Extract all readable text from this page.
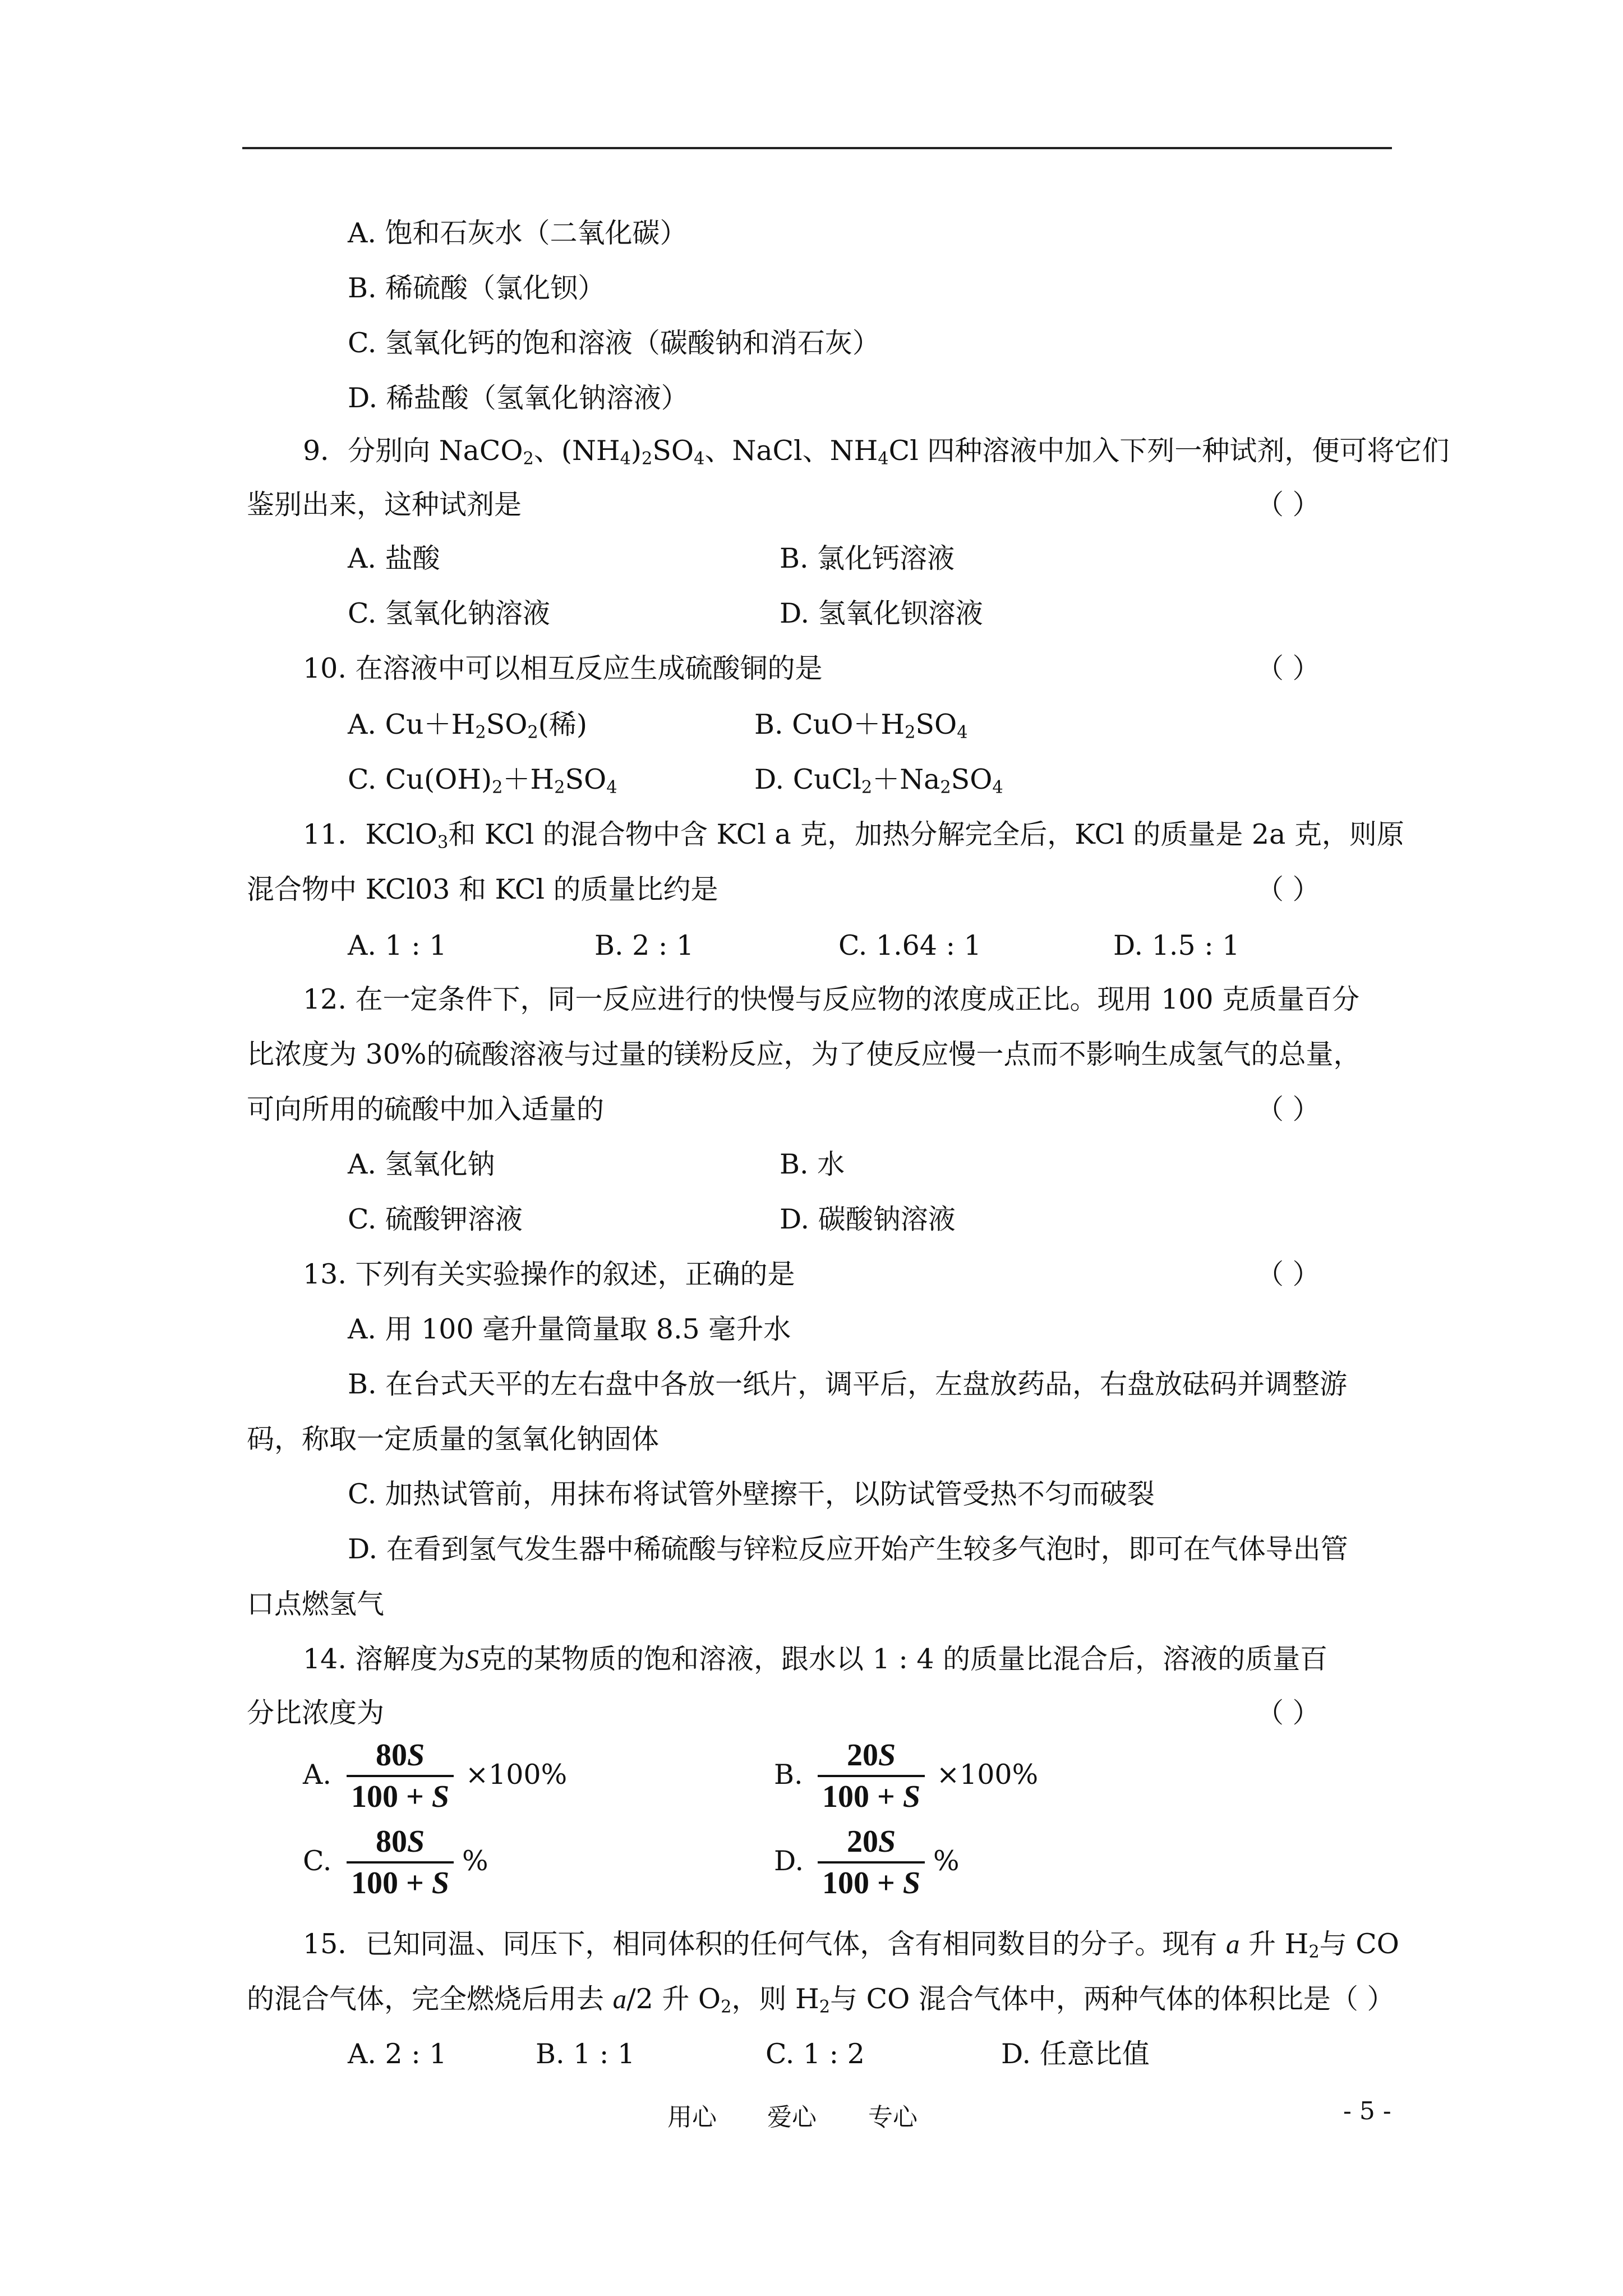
A. 饱和石灰水（二氧化碳）
B. 稀硫酸（氯化钡）
C. 氢氧化钙的饱和溶液（碳酸钠和消石灰）
D. 稀盐酸（氢氧化钠溶液）
9．分别向 NaCO$_2$、$(NH_4)_2SO_4$、NaCl、$NH_4Cl$ 四种溶液中加入下列一种试剂，便可将它们
鉴别出来，这种试剂是	（ ）
A. 盐酸	B. 氯化钙溶液
C. 氢氧化钠溶液	D. 氢氧化钡溶液
10. 在溶液中可以相互反应生成硫酸铜的是	（ ）
A. $Cu+H_2SO_2$(稀)	B. $CuO+H_2SO_4$
C. $Cu(OH)_2+H_2SO_4$	D. $CuCl_2+Na_2SO_4$
11．KClO$_3$和 KCl 的混合物中含 KCl a 克，加热分解完全后，KCl 的质量是 2a 克，则原
混合物中 KCl03 和 KCl 的质量比约是	（ ）
A. 1 : 1	B. 2 : 1	C. 1.64 : 1	D. 1.5 : 1
12. 在一定条件下，同一反应进行的快慢与反应物的浓度成正比。现用 100 克质量百分
比浓度为 30%的硫酸溶液与过量的镁粉反应，为了使反应慢一点而不影响生成氢气的总量，
可向所用的硫酸中加入适量的	（ ）
A. 氢氧化钠	B. 水
C. 硫酸钾溶液	D. 碳酸钠溶液
13. 下列有关实验操作的叙述，正确的是	（ ）
A. 用 100 毫升量筒量取 8.5 毫升水
B. 在台式天平的左右盘中各放一纸片，调平后，左盘放药品，右盘放砝码并调整游
码，称取一定质量的氢氧化钠固体
C. 加热试管前，用抹布将试管外壁擦干，以防试管受热不匀而破裂
D. 在看到氢气发生器中稀硫酸与锌粒反应开始产生较多气泡时，即可在气体导出管
口点燃氢气
14. 溶解度为S克的某物质的饱和溶液，跟水以 1 : 4 的质量比混合后，溶液的质量百
分比浓度为	（ ）
A.
80S
100 + S
×100%	B.
20S
100 + S
×100%
C.
80S
100 + S
%	D.
20S
100 + S
%
15．已知同温、同压下，相同体积的任何气体，含有相同数目的分子。现有 a 升 $H_2$与 CO
的混合气体，完全燃烧后用去 a/2 升 $O_2$，则 $H_2$与 CO 混合气体中，两种气体的体积比是（ ）
A. 2 : 1	B. 1 : 1	C. 1 : 2	D. 任意比值
用心 爱心 专心	- 5 -
